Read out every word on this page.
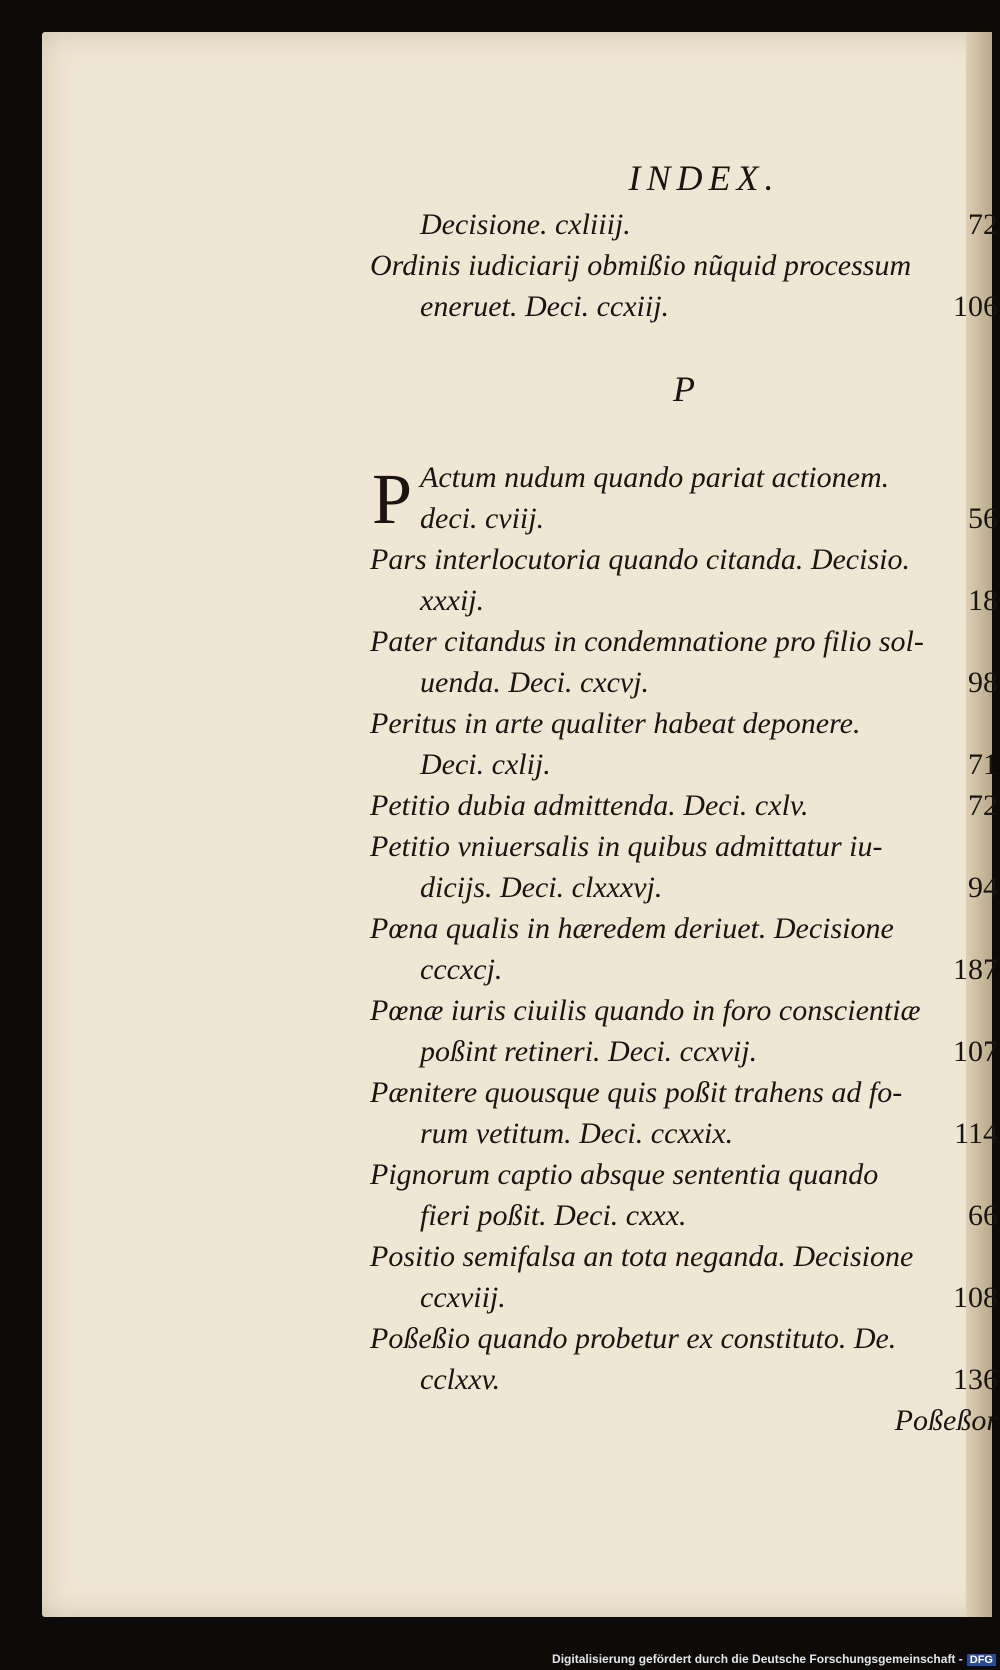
INDEX.
Decisione. cxliiij.	72
Ordinis iudiciarij obmißio nũquid processum
eneruet. Deci. ccxiij.	106
P
P Actum nudum quando pariat actionem.
deci. cviij.	56
Pars interlocutoria quando citanda. Decisio.
xxxij.	18
Pater citandus in condemnatione pro filio sol-
uenda. Deci. cxcvj.	98
Peritus in arte qualiter habeat deponere.
Deci. cxlij.	71
Petitio dubia admittenda. Deci. cxlv.	72
Petitio vniuersalis in quibus admittatur iu-
dicijs. Deci. clxxxvj.	94
Pœna qualis in hæredem deriuet. Decisione
cccxcj.	187
Pœnæ iuris ciuilis quando in foro conscientiæ
poßint retineri. Deci. ccxvij.	107
Pænitere quousque quis poßit trahens ad fo-
rum vetitum. Deci. ccxxix.	114
Pignorum captio absque sententia quando
fieri poßit. Deci. cxxx.	66
Positio semifalsa an tota neganda. Decisione
ccxviij.	108
Poßeßio quando probetur ex constituto. De.
cclxxv.	136
Poßeßor
Digitalisierung gefördert durch die Deutsche Forschungsgemeinschaft - DFG
